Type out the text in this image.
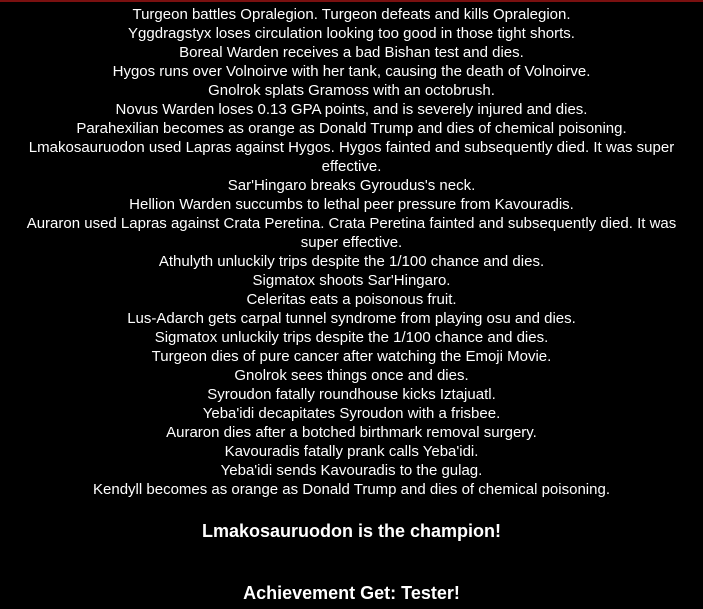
Turgeon battles Opralegion. Turgeon defeats and kills Opralegion.
Yggdragstyx loses circulation looking too good in those tight shorts.
Boreal Warden receives a bad Bishan test and dies.
Hygos runs over Volnoirve with her tank, causing the death of Volnoirve.
Gnolrok splats Gramoss with an octobrush.
Novus Warden loses 0.13 GPA points, and is severely injured and dies.
Parahexilian becomes as orange as Donald Trump and dies of chemical poisoning.
Lmakosauruodon used Lapras against Hygos. Hygos fainted and subsequently died. It was super effective.
Sar'Hingaro breaks Gyroudus's neck.
Hellion Warden succumbs to lethal peer pressure from Kavouradis.
Auraron used Lapras against Crata Peretina. Crata Peretina fainted and subsequently died. It was super effective.
Athulyth unluckily trips despite the 1/100 chance and dies.
Sigmatox shoots Sar'Hingaro.
Celeritas eats a poisonous fruit.
Lus-Adarch gets carpal tunnel syndrome from playing osu and dies.
Sigmatox unluckily trips despite the 1/100 chance and dies.
Turgeon dies of pure cancer after watching the Emoji Movie.
Gnolrok sees things once and dies.
Syroudon fatally roundhouse kicks Iztajuatl.
Yeba'idi decapitates Syroudon with a frisbee.
Auraron dies after a botched birthmark removal surgery.
Kavouradis fatally prank calls Yeba'idi.
Yeba'idi sends Kavouradis to the gulag.
Kendyll becomes as orange as Donald Trump and dies of chemical poisoning.
Lmakosauruodon is the champion!
Achievement Get: Tester!
